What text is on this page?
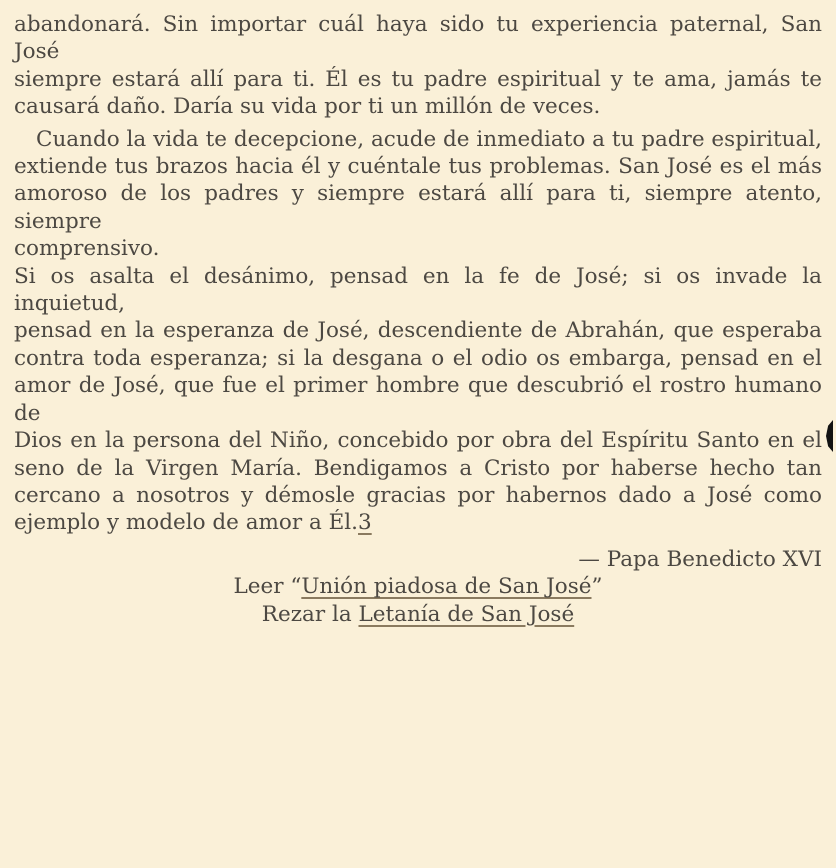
abandonará. Sin importar cuál haya sido tu experiencia paternal, San José
siempre estará allí para ti. Él es tu padre espiritual y te ama, jamás te
causará daño. Daría su vida por ti un millón de veces.
Cuando la vida te decepcione, acude de inmediato a tu padre espiritual,
extiende tus brazos hacia él y cuéntale tus problemas. San José es el más
amoroso de los padres y siempre estará allí para ti, siempre atento, siempre
comprensivo.
Si os asalta el desánimo, pensad en la fe de José; si os invade la inquietud,
pensad en la esperanza de José, descendiente de Abrahán, que esperaba
contra toda esperanza; si la desgana o el odio os embarga, pensad en el
amor de José, que fue el primer hombre que descubrió el rostro humano de
Dios en la persona del Niño, concebido por obra del Espíritu Santo en el
seno de la Virgen María. Bendigamos a Cristo por haberse hecho tan
cercano a nosotros y démosle gracias por habernos dado a José como
ejemplo y modelo de amor a Él.3
— Papa Benedicto XVI
Leer “Unión piadosa de San José”
Rezar la Letanía de San José
